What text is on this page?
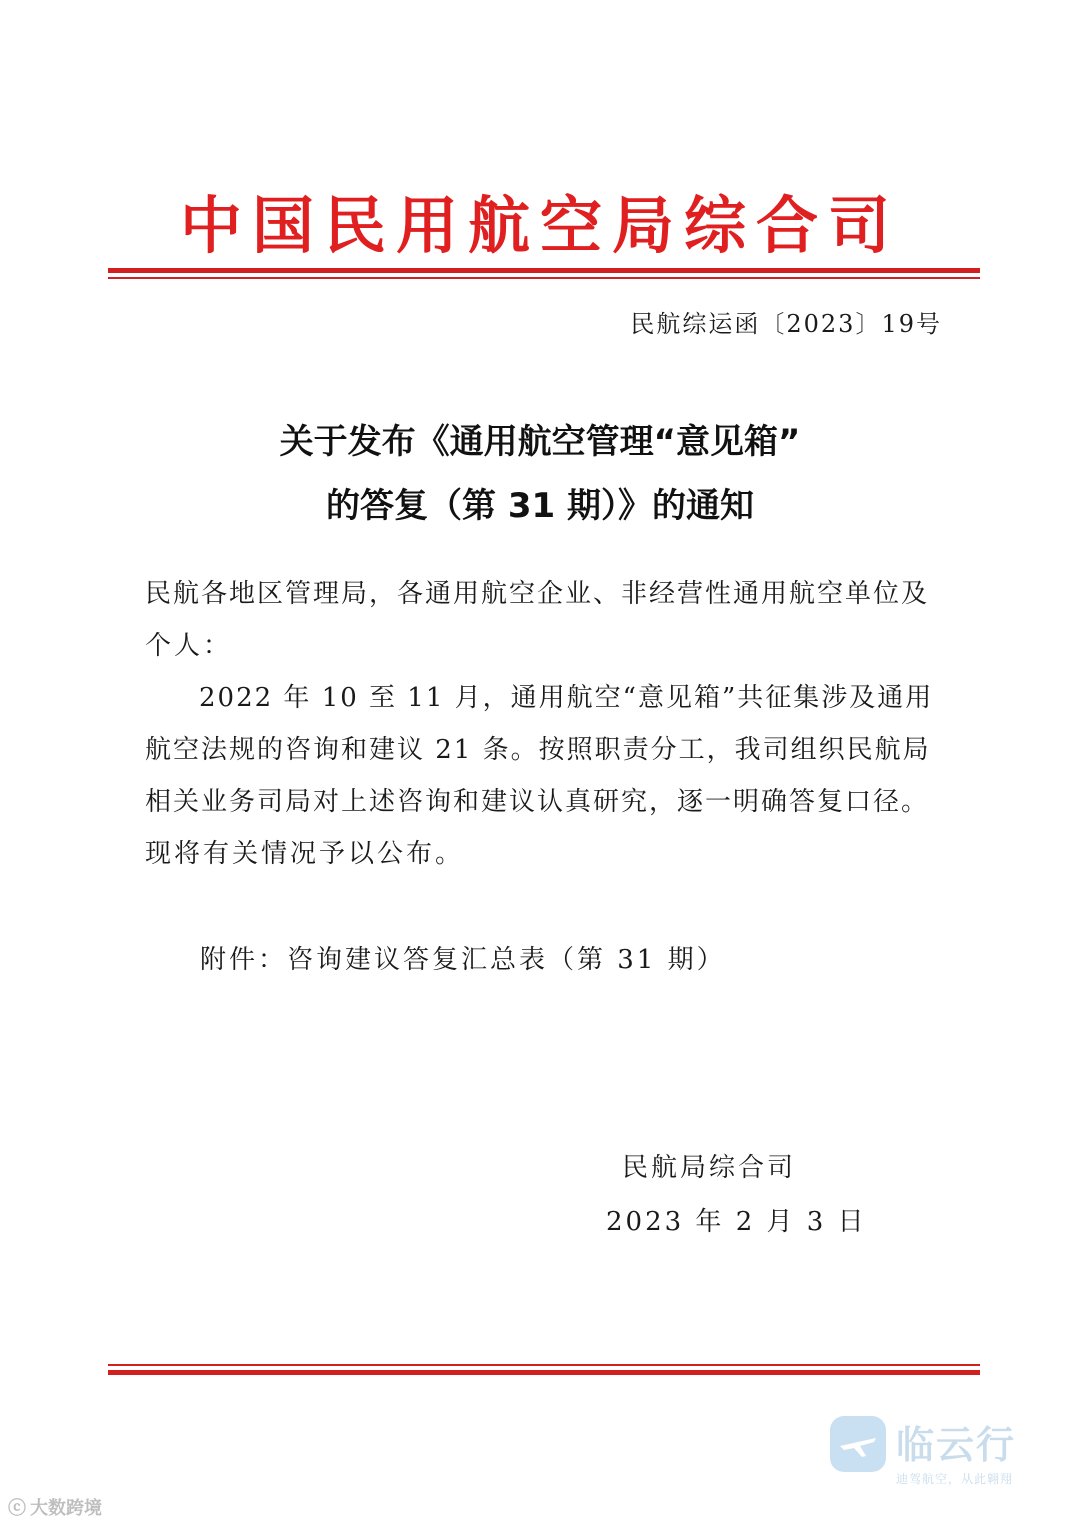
中国民用航空局综合司
民航综运函〔2023〕19号
关于发布《通用航空管理“意见箱”
的答复（第 31 期）》的通知
民航各地区管理局，各通用航空企业、非经营性通用航空单位及
个人：
2022 年 10 至 11 月，通用航空“意见箱”共征集涉及通用
航空法规的咨询和建议 21 条。按照职责分工，我司组织民航局
相关业务司局对上述咨询和建议认真研究，逐一明确答复口径。
现将有关情况予以公布。
附件：咨询建议答复汇总表（第 31 期）
民航局综合司
2023 年 2 月 3 日
临云行
迪驾航空，从此翱翔
ⓒ 大数跨境
